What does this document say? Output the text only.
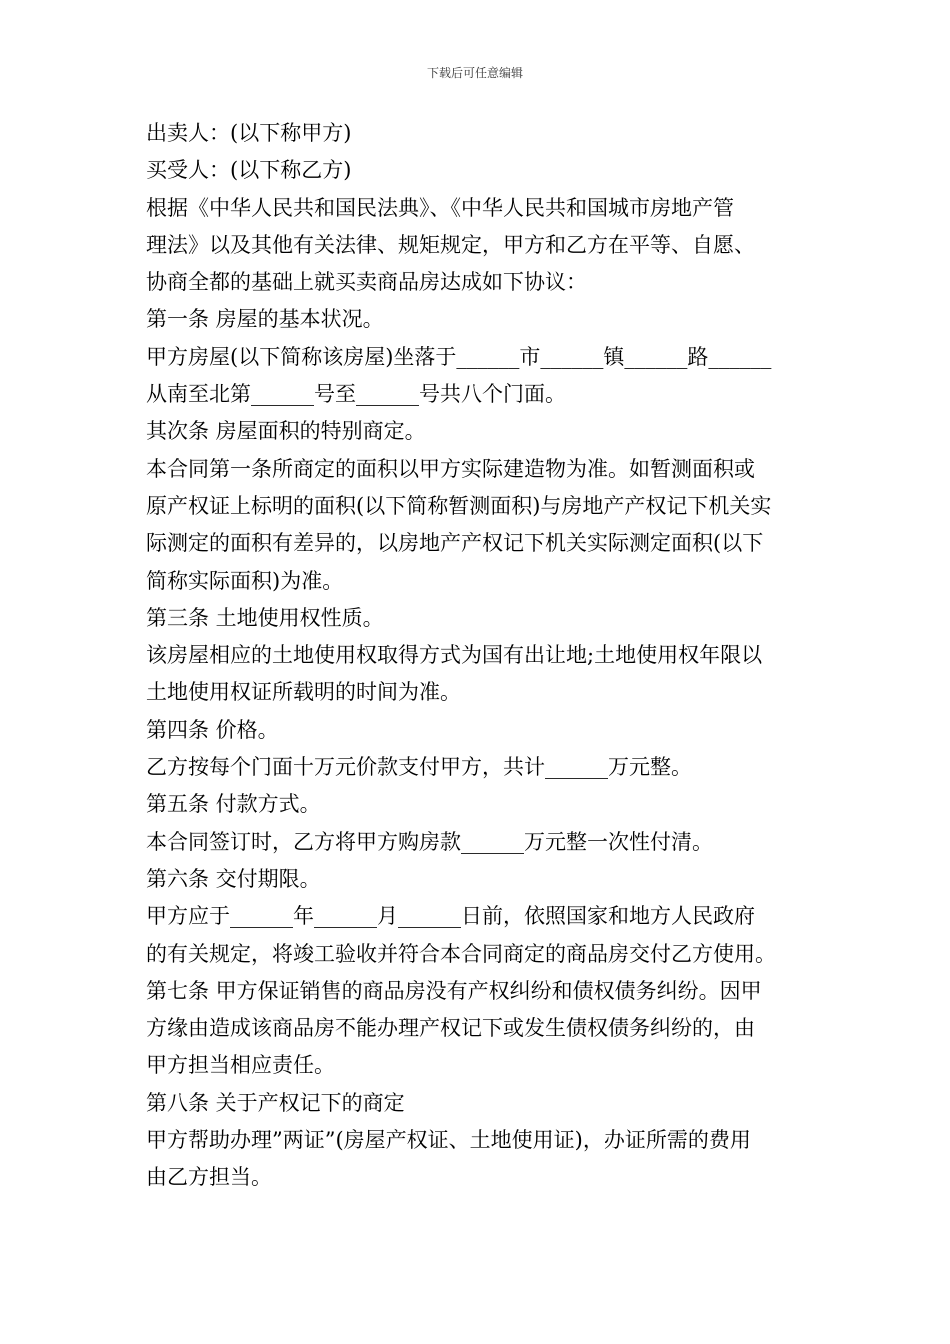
下载后可任意编辑
出卖人：(以下称甲方)
买受人：(以下称乙方)
根据《中华人民共和国民法典》、《中华人民共和国城市房地产管
理法》以及其他有关法律、规矩规定，甲方和乙方在平等、自愿、
协商全都的基础上就买卖商品房达成如下协议：
第一条 房屋的基本状况。
甲方房屋(以下简称该房屋)坐落于______市______镇______路______
从南至北第______号至______号共八个门面。
其次条 房屋面积的特别商定。
本合同第一条所商定的面积以甲方实际建造物为准。如暂测面积或
原产权证上标明的面积(以下简称暂测面积)与房地产产权记下机关实
际测定的面积有差异的，以房地产产权记下机关实际测定面积(以下
简称实际面积)为准。
第三条 土地使用权性质。
该房屋相应的土地使用权取得方式为国有出让地;土地使用权年限以
土地使用权证所载明的时间为准。
第四条 价格。
乙方按每个门面十万元价款支付甲方，共计______万元整。
第五条 付款方式。
本合同签订时，乙方将甲方购房款______万元整一次性付清。
第六条 交付期限。
甲方应于______年______月______日前，依照国家和地方人民政府
的有关规定，将竣工验收并符合本合同商定的商品房交付乙方使用。
第七条 甲方保证销售的商品房没有产权纠纷和债权债务纠纷。因甲
方缘由造成该商品房不能办理产权记下或发生债权债务纠纷的，由
甲方担当相应责任。
第八条 关于产权记下的商定
甲方帮助办理”两证”(房屋产权证、土地使用证)，办证所需的费用
由乙方担当。
